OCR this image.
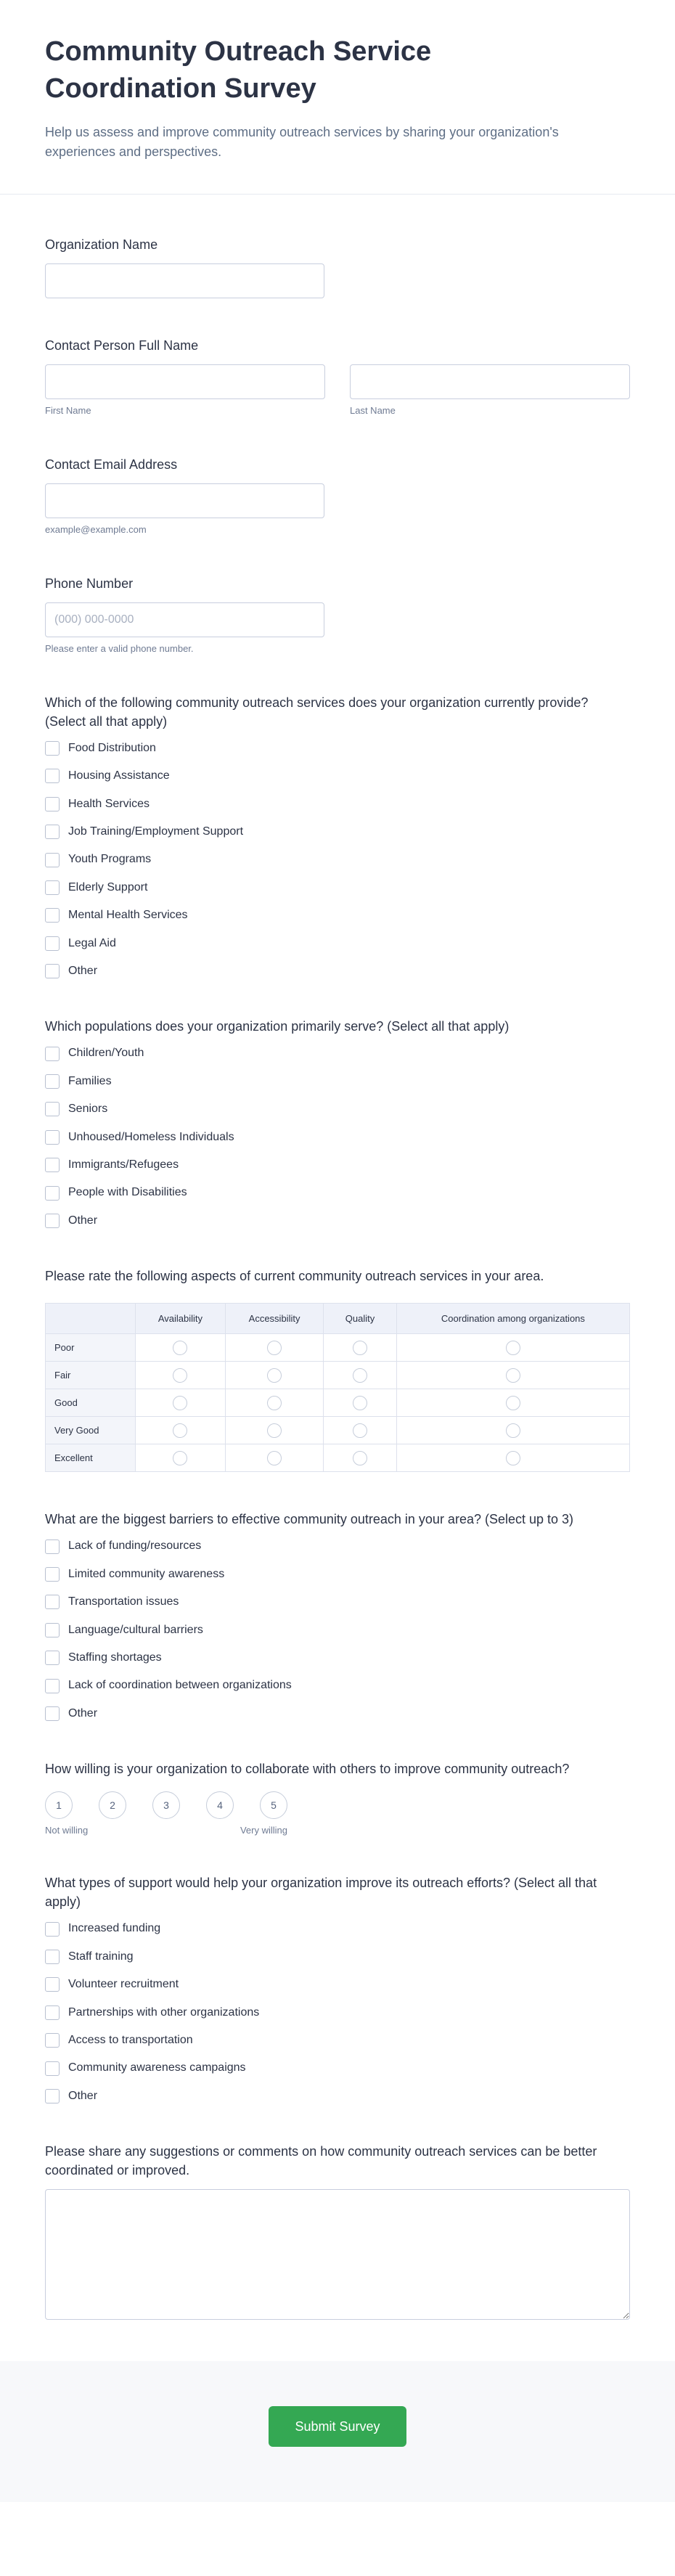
Community Outreach Service Coordination Survey

Help us assess and improve community outreach services by sharing your organization's experiences and perspectives.

Organization Name
Contact Person Full Name
First Name	Last Name
Contact Email Address
example@example.com
Phone Number
(000) 000-0000
Please enter a valid phone number.
Which of the following community outreach services does your organization currently provide? (Select all that apply)
Food Distribution
Housing Assistance
Health Services
Job Training/Employment Support
Youth Programs
Elderly Support
Mental Health Services
Legal Aid
Other
Which populations does your organization primarily serve? (Select all that apply)
Children/Youth
Families
Seniors
Unhoused/Homeless Individuals
Immigrants/Refugees
People with Disabilities
Other
Please rate the following aspects of current community outreach services in your area.
	Availability	Accessibility	Quality	Coordination among organizations
Poor				
Fair				
Good				
Very Good				
Excellent				
What are the biggest barriers to effective community outreach in your area? (Select up to 3)
Lack of funding/resources
Limited community awareness
Transportation issues
Language/cultural barriers
Staffing shortages
Lack of coordination between organizations
Other
How willing is your organization to collaborate with others to improve community outreach?
1	2	3	4	5
Not willing	Very willing
What types of support would help your organization improve its outreach efforts? (Select all that apply)
Increased funding
Staff training
Volunteer recruitment
Partnerships with other organizations
Access to transportation
Community awareness campaigns
Other
Please share any suggestions or comments on how community outreach services can be better coordinated or improved.
Submit Survey
